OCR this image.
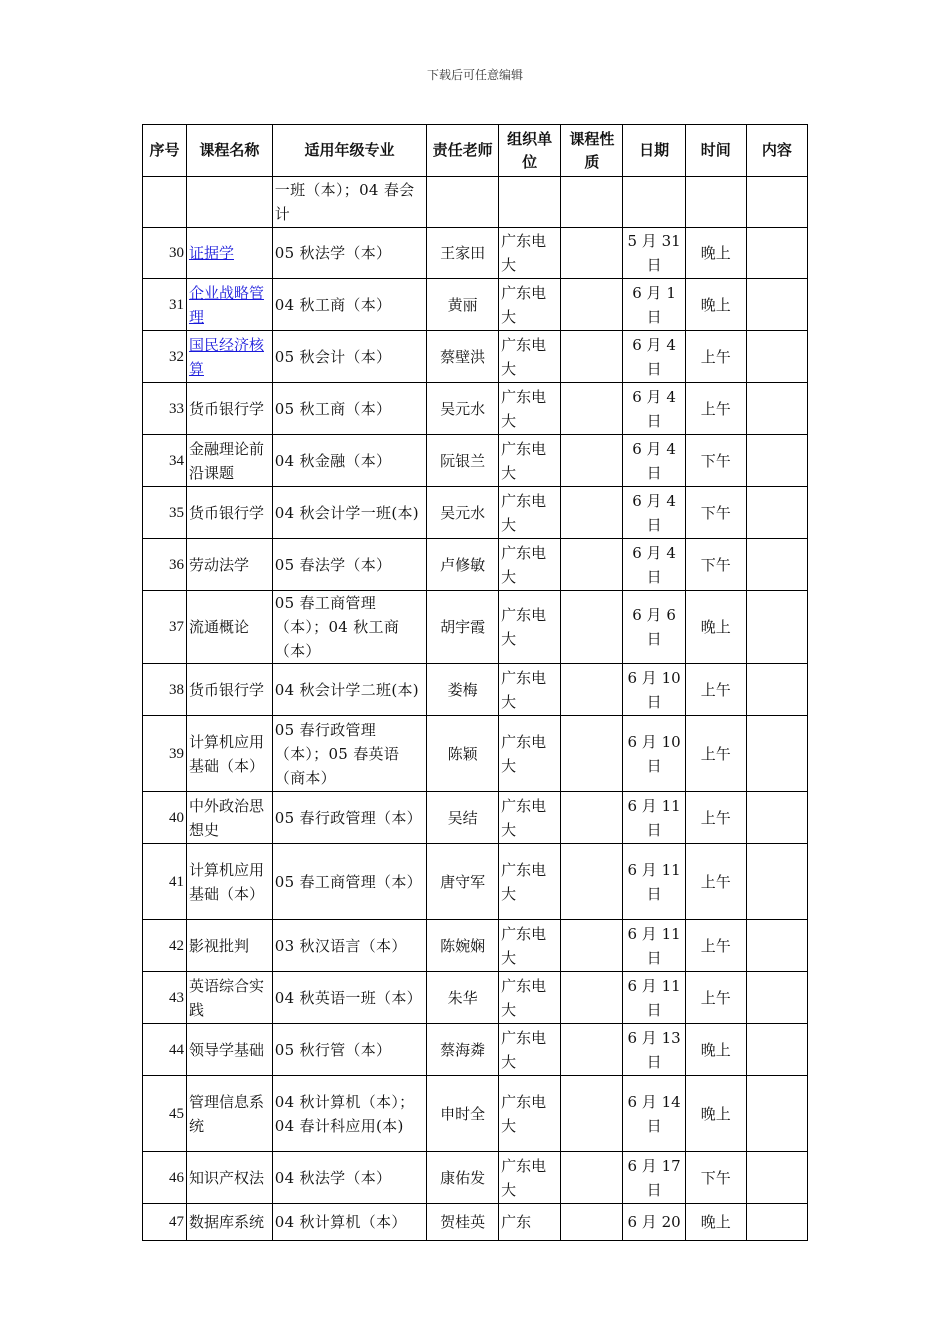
下载后可任意编辑
序号	课程名称	适用年级专业	责任老师	组织单位	课程性质	日期	时间	内容
		一班（本）；04 春会计						
30	证据学	05 秋法学（本）	王家田	广东电大		5 月 31 日	晚上	
31	企业战略管理	04 秋工商（本）	黄丽	广东电大		6 月 1 日	晚上	
32	国民经济核算	05 秋会计（本）	蔡壁洪	广东电大		6 月 4 日	上午	
33	货币银行学	05 秋工商（本）	吴元水	广东电大		6 月 4 日	上午	
34	金融理论前沿课题	04 秋金融（本）	阮银兰	广东电大		6 月 4 日	下午	
35	货币银行学	04 秋会计学一班(本)	吴元水	广东电大		6 月 4 日	下午	
36	劳动法学	05 春法学（本）	卢修敏	广东电大		6 月 4 日	下午	
37	流通概论	05 春工商管理（本）；04 秋工商（本）	胡宇霞	广东电大		6 月 6 日	晚上	
38	货币银行学	04 秋会计学二班(本)	娄梅	广东电大		6 月 10 日	上午	
39	计算机应用基础（本）	05 春行政管理（本）；05 春英语（商本）	陈颖	广东电大		6 月 10 日	上午	
40	中外政治思想史	05 春行政管理（本）	吴结	广东电大		6 月 11 日	上午	
41	计算机应用基础（本）	05 春工商管理（本）	唐守军	广东电大		6 月 11 日	上午	
42	影视批判	03 秋汉语言（本）	陈婉娴	广东电大		6 月 11 日	上午	
43	英语综合实践	04 秋英语一班（本）	朱华	广东电大		6 月 11 日	上午	
44	领导学基础	05 秋行管（本）	蔡海粦	广东电大		6 月 13 日	晚上	
45	管理信息系统	04 秋计算机（本）；04 春计科应用(本)	申时全	广东电大		6 月 14 日	晚上	
46	知识产权法	04 秋法学（本）	康佑发	广东电大		6 月 17 日	下午	
47	数据库系统	04 秋计算机（本）	贺桂英	广东		6 月 20	晚上	
